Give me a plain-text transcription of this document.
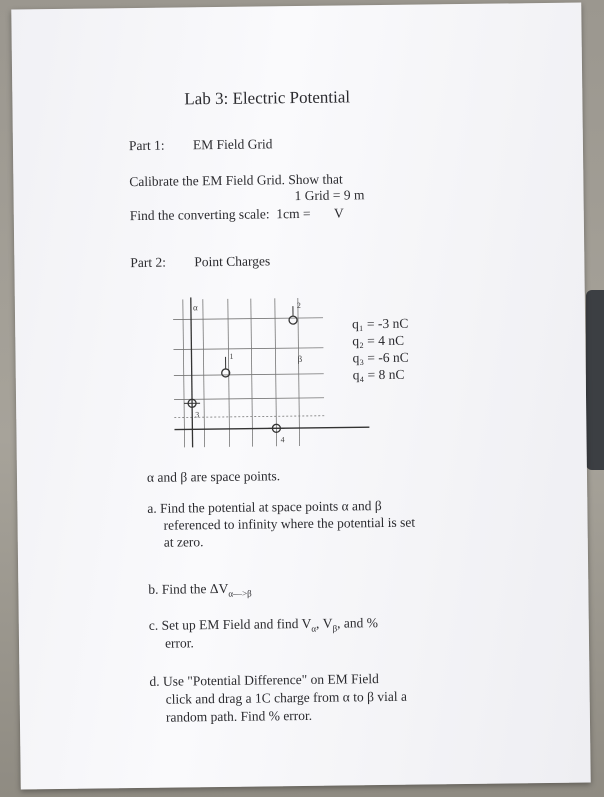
Lab 3: Electric Potential
Part 1: EM Field Grid
Calibrate the EM Field Grid. Show that
1 Grid = 9 m
Find the converting scale:  1cm =       V
Part 2: Point Charges
α
β
1
2
3
4
q₁ = -3 nC
q₂ = 4 nC
q₃ = -6 nC
q₄ = 8 nC
α and β are space points.
a. Find the potential at space points α and β
referenced to infinity where the potential is set
at zero.
b. Find the $\Delta V_{\alpha—>\beta}$
c. Set up EM Field and find $V_\alpha$, $V_\beta$, and %
error.
d. Use "Potential Difference" on EM Field
click and drag a 1C charge from α to β vial a
random path. Find % error.
